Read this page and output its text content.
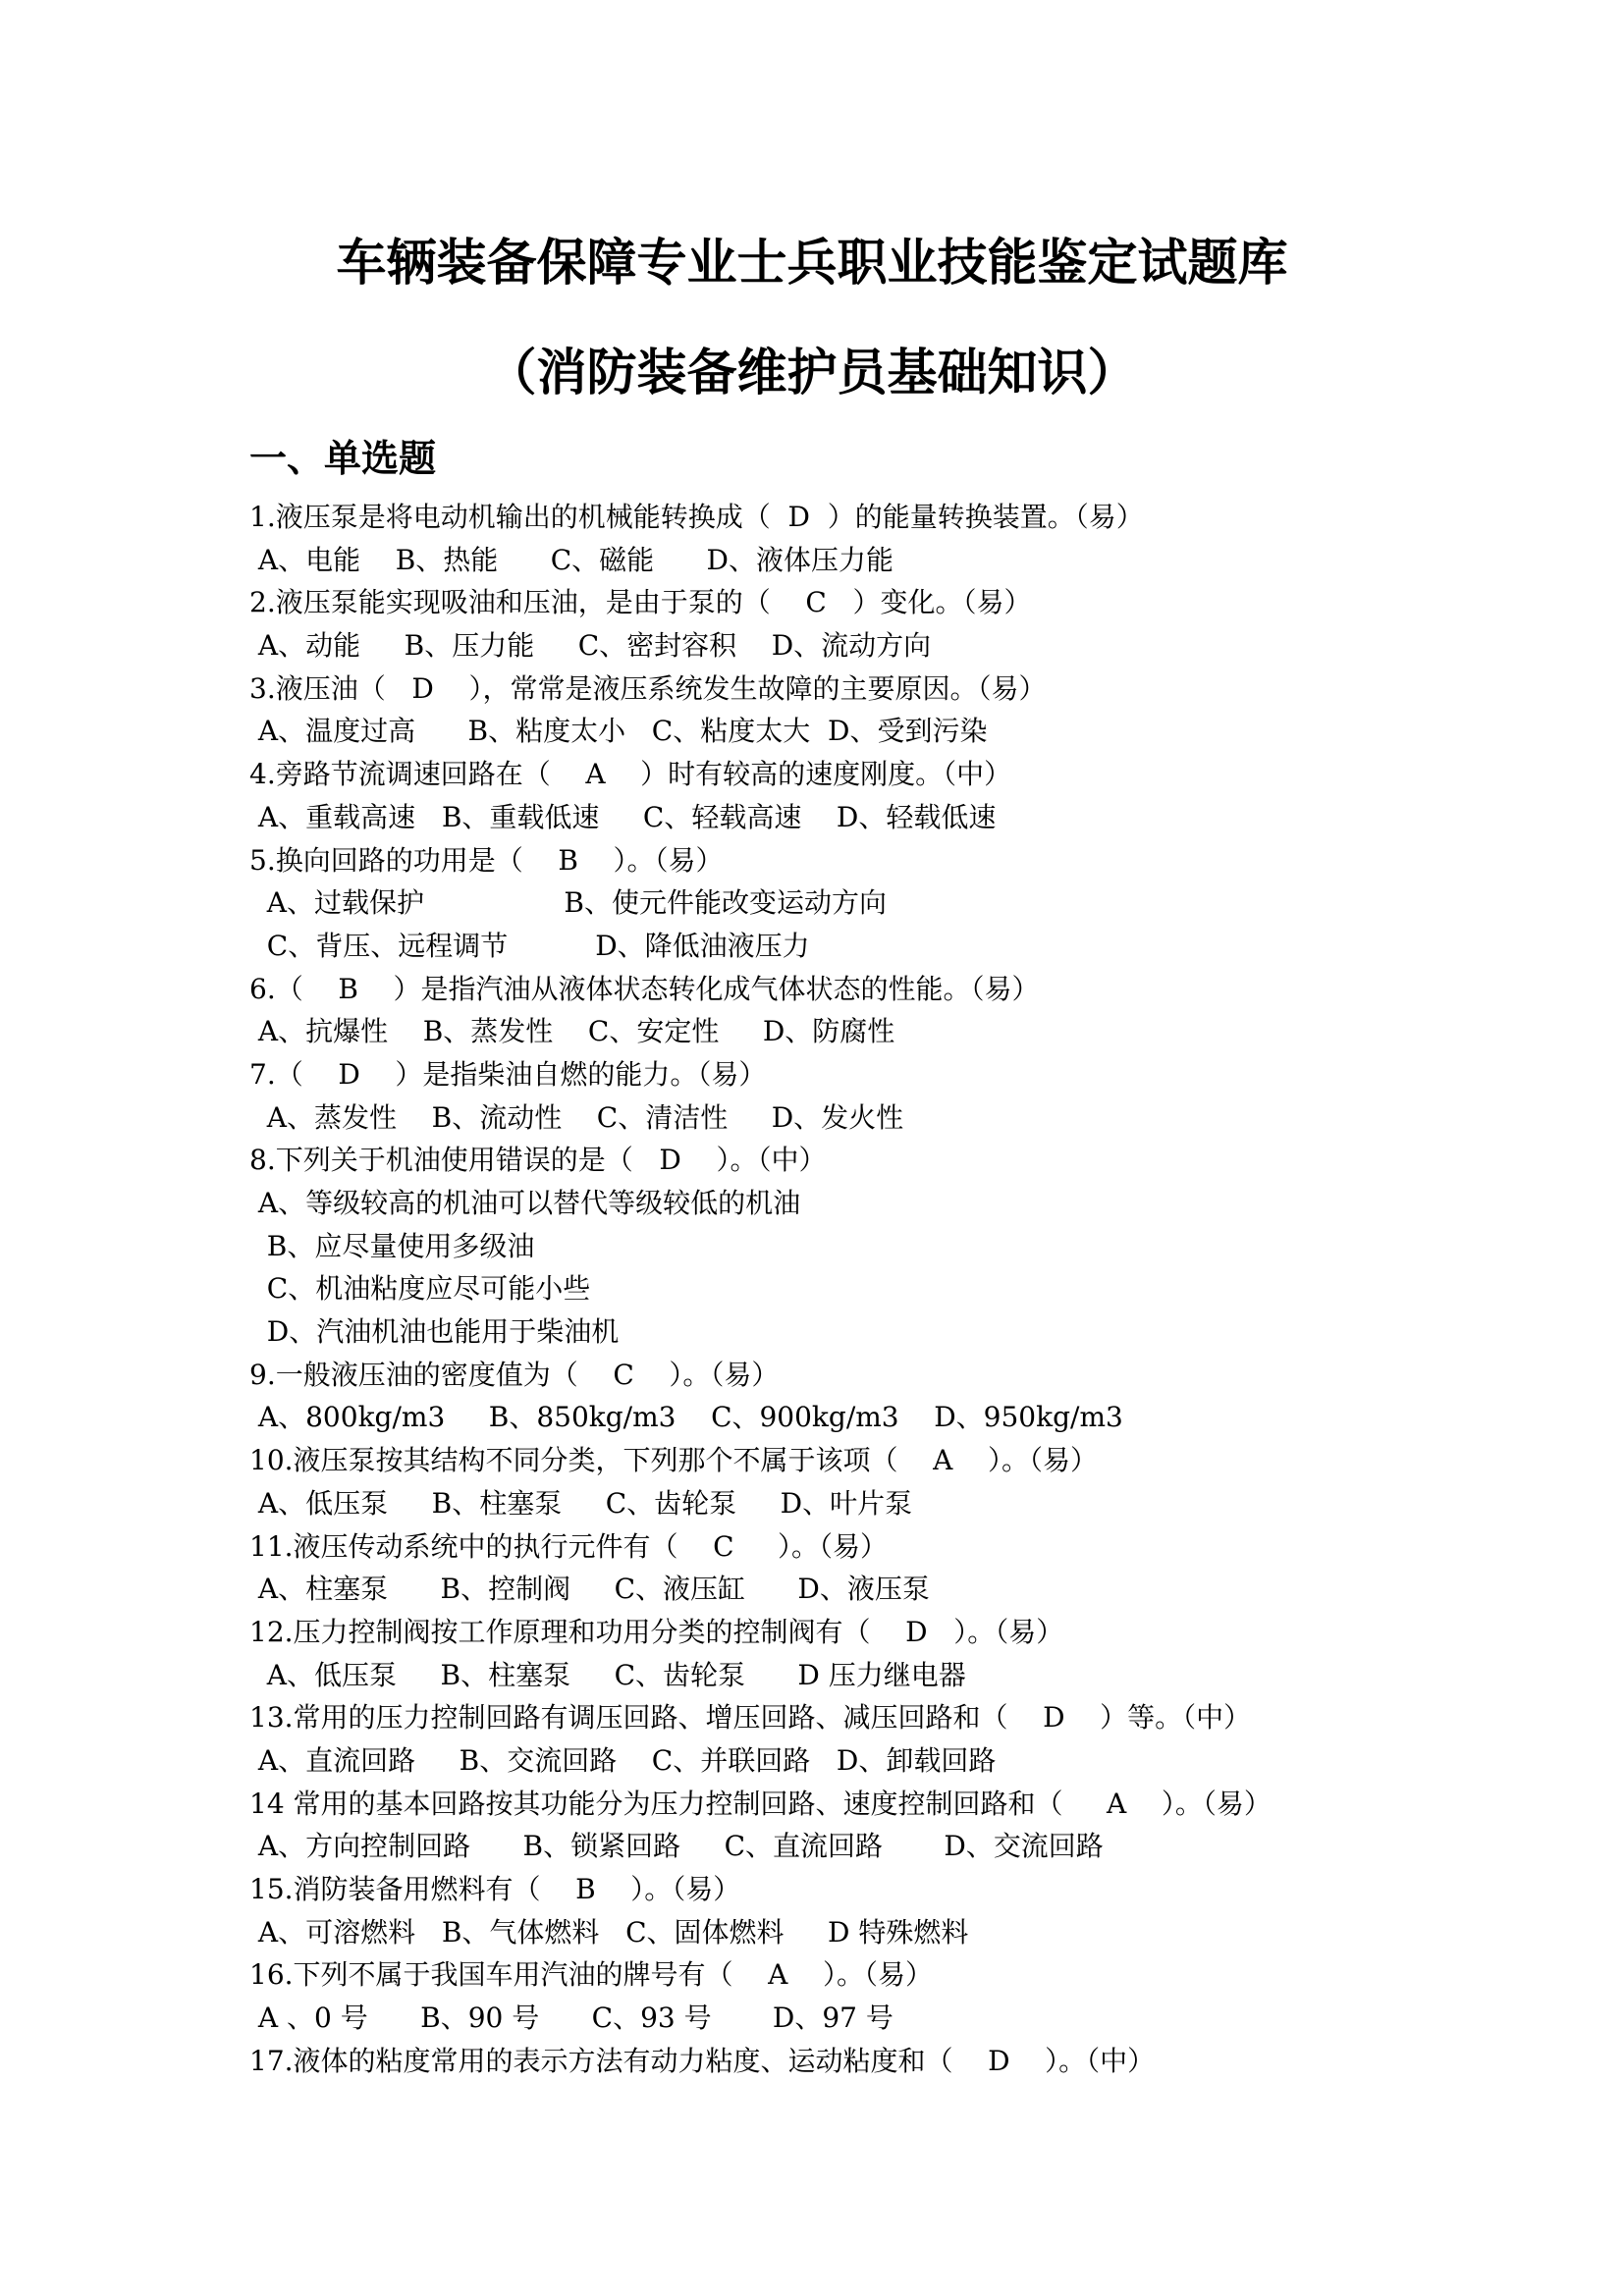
车辆装备保障专业士兵职业技能鉴定试题库
（消防装备维护员基础知识）
一、单选题
1.液压泵是将电动机输出的机械能转换成（  D  ）的能量转换装置。（易）
A、电能    B、热能      C、磁能      D、液体压力能
2.液压泵能实现吸油和压油，是由于泵的（    C   ）变化。（易）
A、动能     B、压力能     C、密封容积    D、流动方向
3.液压油（   D    ），常常是液压系统发生故障的主要原因。（易）
A、温度过高      B、粘度太小   C、粘度太大  D、受到污染
4.旁路节流调速回路在（    A    ）时有较高的速度刚度。（中）
A、重载高速   B、重载低速     C、轻载高速    D、轻载低速
5.换向回路的功用是（    B    ）。（易）
A、过载保护                B、使元件能改变运动方向
C、背压、远程调节          D、降低油液压力
6.（    B    ）是指汽油从液体状态转化成气体状态的性能。（易）
A、抗爆性    B、蒸发性    C、安定性     D、防腐性
7.（    D    ）是指柴油自燃的能力。（易）
A、蒸发性    B、流动性    C、清洁性     D、发火性
8.下列关于机油使用错误的是（   D    ）。（中）
A、等级较高的机油可以替代等级较低的机油
B、应尽量使用多级油
C、机油粘度应尽可能小些
D、汽油机油也能用于柴油机
9.一般液压油的密度值为（    C    ）。（易）
A、800kg/m3     B、850kg/m3    C、900kg/m3    D、950kg/m3
10.液压泵按其结构不同分类，下列那个不属于该项（    A    ）。（易）
A、低压泵     B、柱塞泵     C、齿轮泵     D、叶片泵
11.液压传动系统中的执行元件有（    C     ）。（易）
A、柱塞泵      B、控制阀     C、液压缸      D、液压泵
12.压力控制阀按工作原理和功用分类的控制阀有（    D   ）。（易）
A、低压泵     B、柱塞泵     C、齿轮泵      D 压力继电器
13.常用的压力控制回路有调压回路、增压回路、减压回路和（    D    ）等。（中）
A、直流回路     B、交流回路    C、并联回路   D、卸载回路
14 常用的基本回路按其功能分为压力控制回路、速度控制回路和（     A    ）。（易）
A、方向控制回路      B、锁紧回路     C、直流回路       D、交流回路
15.消防装备用燃料有（    B    ）。（易）
A、可溶燃料   B、气体燃料   C、固体燃料     D 特殊燃料
16.下列不属于我国车用汽油的牌号有（    A    ）。（易）
A 、0 号      B、90 号      C、93 号       D、97 号
17.液体的粘度常用的表示方法有动力粘度、运动粘度和（    D    ）。（中）
